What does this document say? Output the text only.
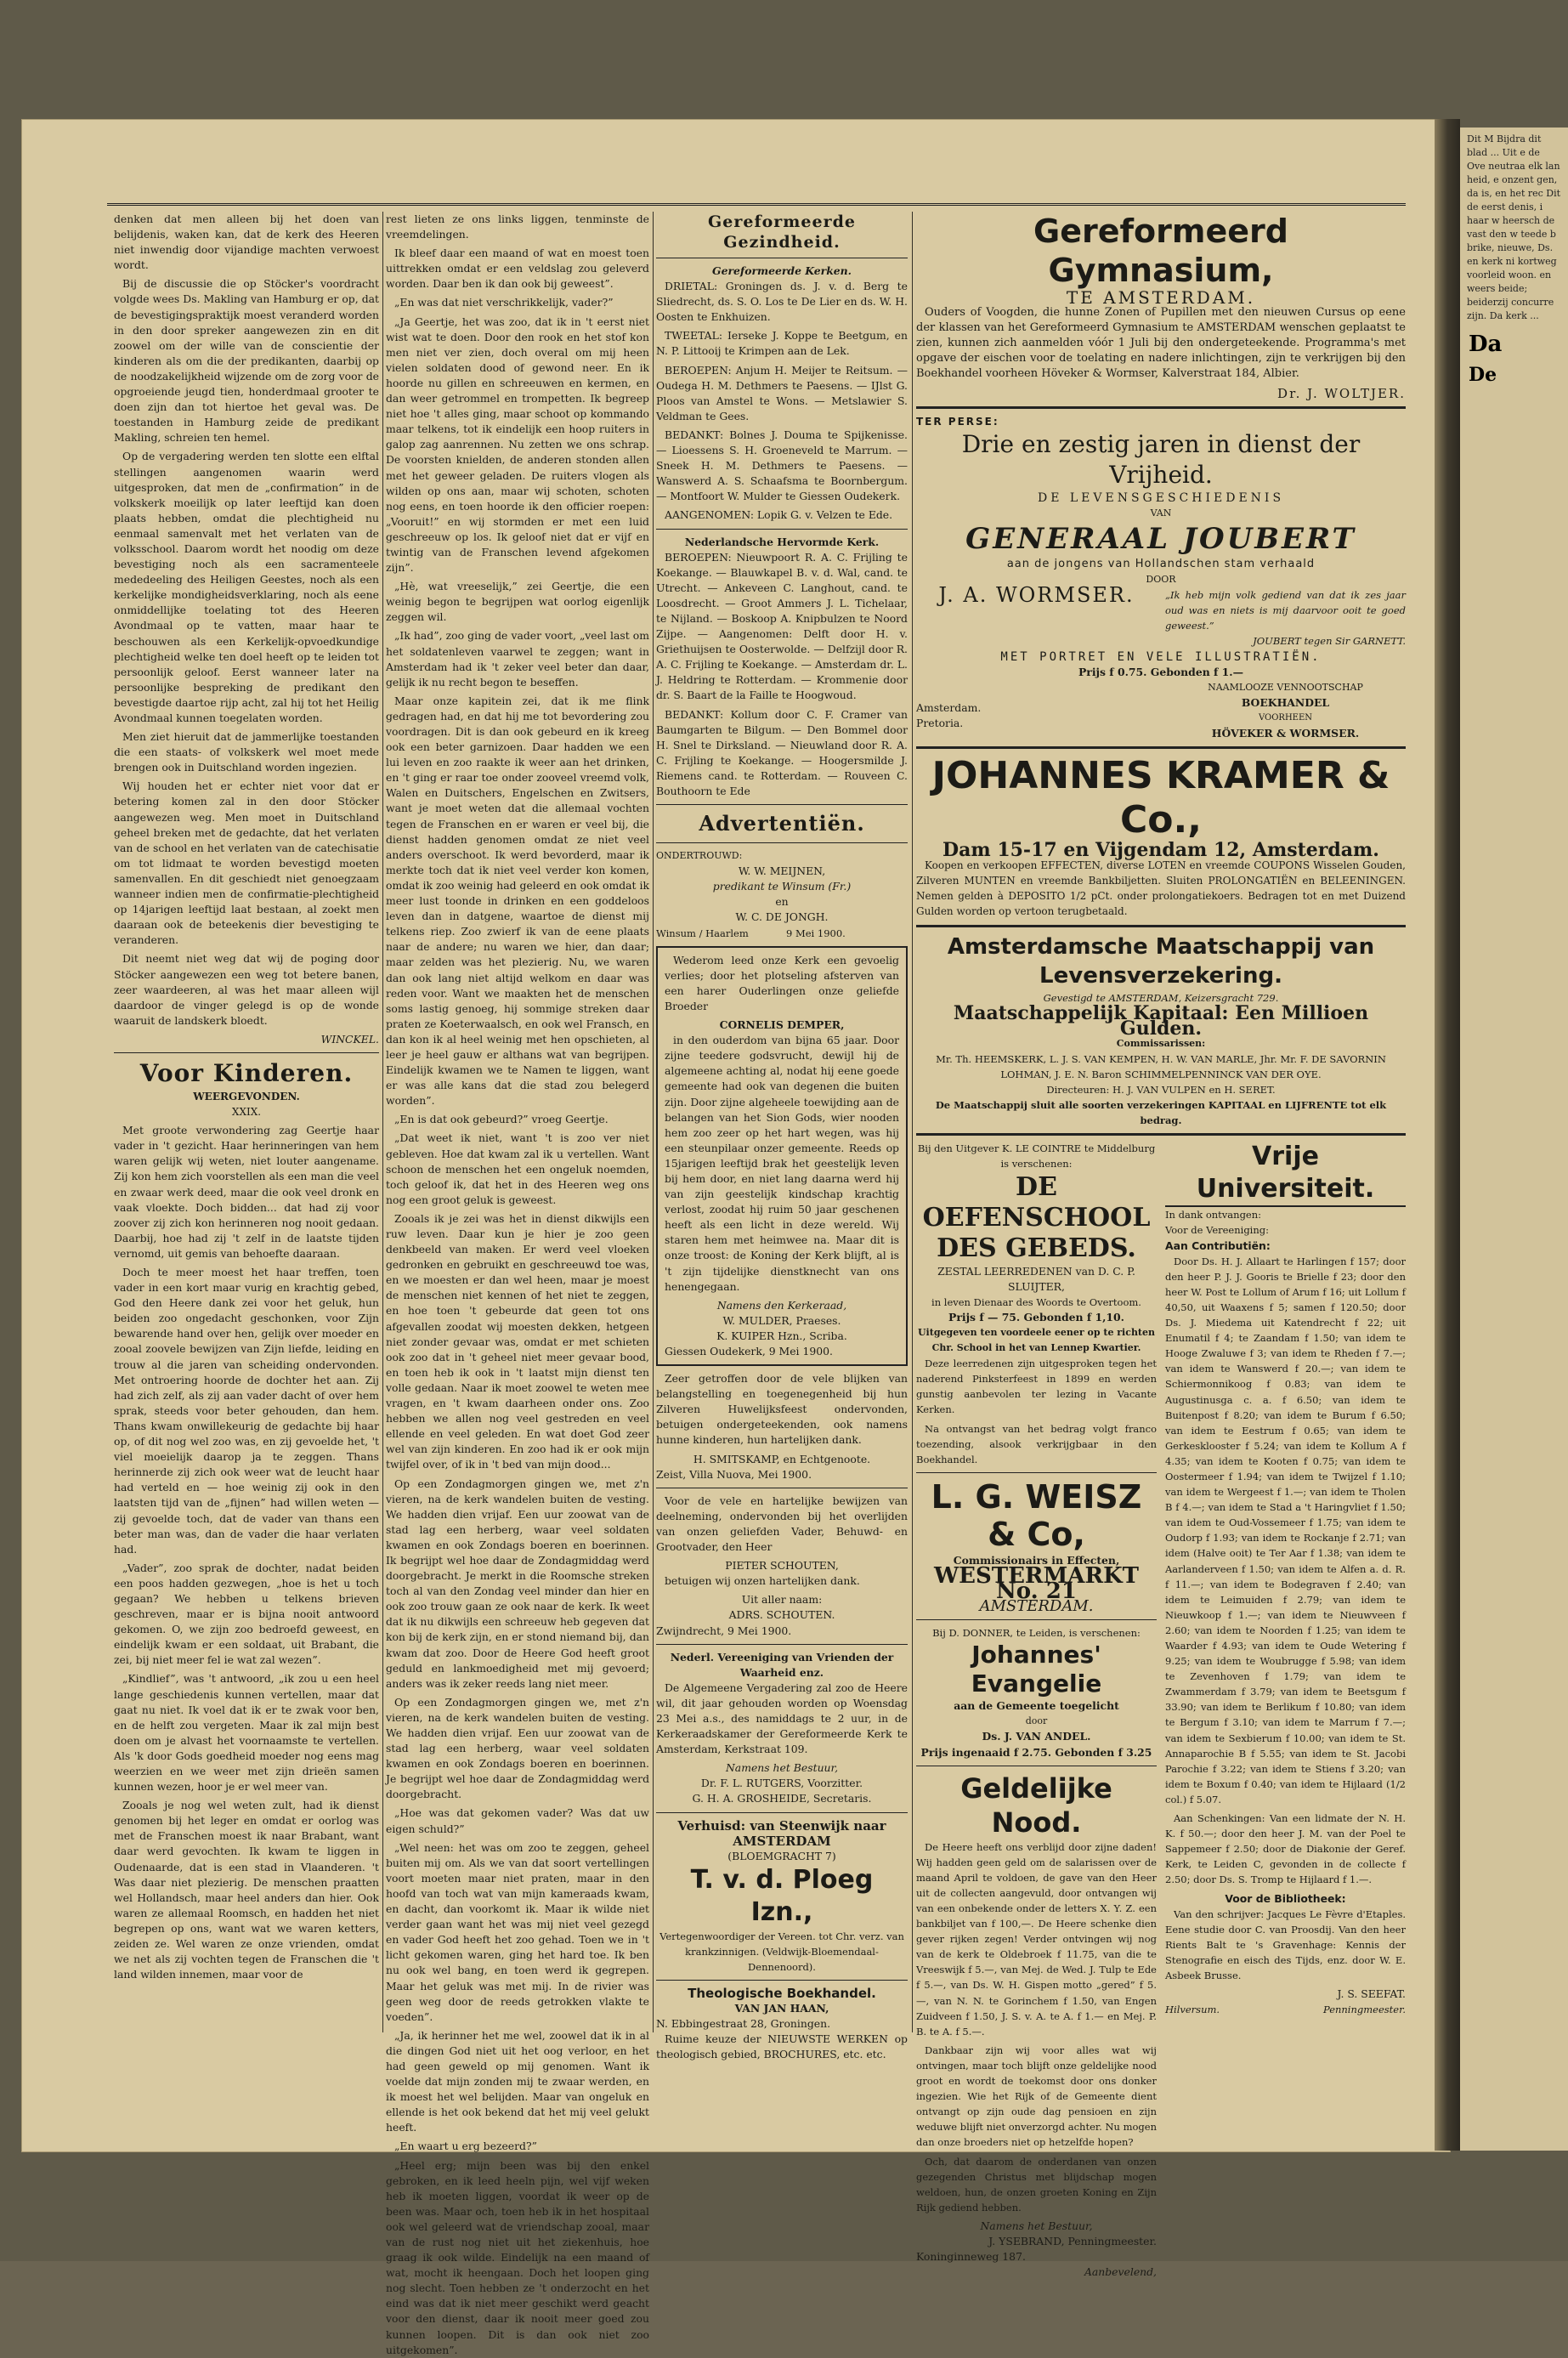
denken dat men alleen bij het doen van belijdenis, waken kan, dat de kerk des Heeren niet inwendig door vijandige machten verwoest wordt.

Bij de discussie die op Stöcker's voordracht volgde wees Ds. Makling van Hamburg er op, dat de bevestigingspraktijk moest veranderd worden in den door spreker aangewezen zin en dit zoowel om der wille van de conscientie der kinderen als om die der predikanten, daarbij op de noodzakelijkheid wijzende om de zorg voor de opgroeiende jeugd tien, honderdmaal grooter te doen zijn dan tot hiertoe het geval was. De toestanden in Hamburg zeide de predikant Makling, schreien ten hemel.

Op de vergadering werden ten slotte een elftal stellingen aangenomen waarin werd uitgesproken, dat men de „confirmation” in de volkskerk moeilijk op later leeftijd kan doen plaats hebben, omdat die plechtigheid nu eenmaal samenvalt met het verlaten van de volksschool. Daarom wordt het noodig om deze bevestiging noch als een sacramenteele mededeeling des Heiligen Geestes, noch als een kerkelijke mondigheidsverklaring, noch als eene onmiddellijke toelating tot des Heeren Avondmaal op te vatten, maar haar te beschouwen als een Kerkelijk-opvoedkundige plechtigheid welke ten doel heeft op te leiden tot persoonlijk geloof. Eerst wanneer later na persoonlijke bespreking de predikant den bevestigde daartoe rijp acht, zal hij tot het Heilig Avondmaal kunnen toegelaten worden.

Men ziet hieruit dat de jammerlijke toestanden die een staats- of volkskerk wel moet mede brengen ook in Duitschland worden ingezien.

Wij houden het er echter niet voor dat er betering komen zal in den door Stöcker aangewezen weg. Men moet in Duitschland geheel breken met de gedachte, dat het verlaten van de school en het verlaten van de catechisatie om tot lidmaat te worden bevestigd moeten samenvallen. En dit geschiedt niet genoegzaam wanneer indien men de confirmatie-plechtigheid op 14jarigen leeftijd laat bestaan, al zoekt men daaraan ook de beteekenis dier bevestiging te veranderen.

Dit neemt niet weg dat wij de poging door Stöcker aangewezen een weg tot betere banen, zeer waardeeren, al was het maar alleen wijl daardoor de vinger gelegd is op de wonde waaruit de landskerk bloedt.

WINCKEL.

Voor Kinderen.
WEERGEVONDEN.
XXIX.

Met groote verwondering zag Geertje haar vader in 't gezicht. Haar herinneringen van hem waren gelijk wij weten, niet louter aangename. Zij kon hem zich voorstellen als een man die veel en zwaar werk deed, maar die ook veel dronk en vaak vloekte. Doch bidden... dat had zij voor zoover zij zich kon herinneren nog nooit gedaan. Daarbij, hoe had zij 't zelf in de laatste tijden vernomd, uit gemis van behoefte daaraan.

Doch te meer moest het haar treffen, toen vader in een kort maar vurig en krachtig gebed, God den Heere dank zei voor het geluk, hun beiden zoo ongedacht geschonken, voor Zijn bewarende hand over hen, gelijk over moeder en zooal zoovele bewijzen van Zijn liefde, leiding en trouw al die jaren van scheiding ondervonden. Met ontroering hoorde de dochter het aan. Zij had zich zelf, als zij aan vader dacht of over hem sprak, steeds voor beter gehouden, dan hem. Thans kwam onwillekeurig de gedachte bij haar op, of dit nog wel zoo was, en zij gevoelde het, 't viel moeielijk daarop ja te zeggen. Thans herinnerde zij zich ook weer wat de leucht haar had verteld en — hoe weinig zij ook in den laatsten tijd van de „fijnen” had willen weten — zij gevoelde toch, dat de vader van thans een beter man was, dan de vader die haar verlaten had.

„Vader”, zoo sprak de dochter, nadat beiden een poos hadden gezwegen, „hoe is het u toch gegaan? We hebben u telkens brieven geschreven, maar er is bijna nooit antwoord gekomen. O, we zijn zoo bedroefd geweest, en eindelijk kwam er een soldaat, uit Brabant, die zei, bij niet meer fel ie wat zal wezen”.

„Kindlief”, was 't antwoord, „ik zou u een heel lange geschiedenis kunnen vertellen, maar dat gaat nu niet. Ik voel dat ik er te zwak voor ben, en de helft zou vergeten. Maar ik zal mijn best doen om je alvast het voornaamste te vertellen. Als 'k door Gods goedheid moeder nog eens mag weerzien en we weer met zijn drieën samen kunnen wezen, hoor je er wel meer van.

Zooals je nog wel weten zult, had ik dienst genomen bij het leger en omdat er oorlog was met de Franschen moest ik naar Brabant, want daar werd gevochten. Ik kwam te liggen in Oudenaarde, dat is een stad in Vlaanderen. 't Was daar niet plezierig. De menschen praatten wel Hollandsch, maar heel anders dan hier. Ook waren ze allemaal Roomsch, en hadden het niet begrepen op ons, want wat we waren ketters, zeiden ze. Wel waren ze onze vrienden, omdat we net als zij vochten tegen de Franschen die 't land wilden innemen, maar voor de

rest lieten ze ons links liggen, tenminste de vreemdelingen.

Ik bleef daar een maand of wat en moest toen uittrekken omdat er een veldslag zou geleverd worden. Daar ben ik dan ook bij geweest”.

„En was dat niet verschrikkelijk, vader?”

„Ja Geertje, het was zoo, dat ik in 't eerst niet wist wat te doen. Door den rook en het stof kon men niet ver zien, doch overal om mij heen vielen soldaten dood of gewond neer. En ik hoorde nu gillen en schreeuwen en kermen, en dan weer getrommel en trompetten. Ik begreep niet hoe 't alles ging, maar schoot op kommando maar telkens, tot ik eindelijk een hoop ruiters in galop zag aanrennen. Nu zetten we ons schrap. De voorsten knielden, de anderen stonden allen met het geweer geladen. De ruiters vlogen als wilden op ons aan, maar wij schoten, schoten nog eens, en toen hoorde ik den officier roepen: „Vooruit!” en wij stormden er met een luid geschreeuw op los. Ik geloof niet dat er vijf en twintig van de Franschen levend afgekomen zijn”.

„Hè, wat vreeselijk,” zei Geertje, die een weinig begon te begrijpen wat oorlog eigenlijk zeggen wil.

„Ik had”, zoo ging de vader voort, „veel last om het soldatenleven vaarwel te zeggen; want in Amsterdam had ik 't zeker veel beter dan daar, gelijk ik nu recht begon te beseffen.

Maar onze kapitein zei, dat ik me flink gedragen had, en dat hij me tot bevordering zou voordragen. Dit is dan ook gebeurd en ik kreeg ook een beter garnizoen. Daar hadden we een lui leven en zoo raakte ik weer aan het drinken, en 't ging er raar toe onder zooveel vreemd volk, Walen en Duitschers, Engelschen en Zwitsers, want je moet weten dat die allemaal vochten tegen de Franschen en er waren er veel bij, die dienst hadden genomen omdat ze niet veel anders overschoot. Ik werd bevorderd, maar ik merkte toch dat ik niet veel verder kon komen, omdat ik zoo weinig had geleerd en ook omdat ik meer lust toonde in drinken en een goddeloos leven dan in datgene, waartoe de dienst mij telkens riep. Zoo zwierf ik van de eene plaats naar de andere; nu waren we hier, dan daar; maar zelden was het plezierig. Nu, we waren dan ook lang niet altijd welkom en daar was reden voor. Want we maakten het de menschen soms lastig genoeg, hij sommige streken daar praten ze Koeterwaalsch, en ook wel Fransch, en dan kon ik al heel weinig met hen opschieten, al leer je heel gauw er althans wat van begrijpen. Eindelijk kwamen we te Namen te liggen, want er was alle kans dat die stad zou belegerd worden”.

„En is dat ook gebeurd?” vroeg Geertje.

„Dat weet ik niet, want 't is zoo ver niet gebleven. Hoe dat kwam zal ik u vertellen. Want schoon de menschen het een ongeluk noemden, toch geloof ik, dat het in des Heeren weg ons nog een groot geluk is geweest.

Zooals ik je zei was het in dienst dikwijls een ruw leven. Daar kun je hier je zoo geen denkbeeld van maken. Er werd veel vloeken gedronken en gebruikt en geschreeuwd toe was, en we moesten er dan wel heen, maar je moest de menschen niet kennen of het niet te zeggen, en hoe toen 't gebeurde dat geen tot ons afgevallen zoodat wij moesten dekken, hetgeen niet zonder gevaar was, omdat er met schieten ook zoo dat in 't geheel niet meer gevaar bood, en toen heb ik ook in 't laatst mijn dienst ten volle gedaan. Naar ik moet zoowel te weten mee vragen, en 't kwam daarheen onder ons. Zoo hebben we allen nog veel gestreden en veel ellende en veel geleden. En wat doet God zeer wel van zijn kinderen. En zoo had ik er ook mijn twijfel over, of ik in 't bed van mijn dood...

Op een Zondagmorgen gingen we, met z'n vieren, na de kerk wandelen buiten de vesting. We hadden dien vrijaf. Een uur zoowat van de stad lag een herberg, waar veel soldaten kwamen en ook Zondags boeren en boerinnen. Ik begrijpt wel hoe daar de Zondagmiddag werd doorgebracht. Je merkt in die Roomsche streken toch al van den Zondag veel minder dan hier en ook zoo trouw gaan ze ook naar de kerk. Ik weet dat ik nu dikwijls een schreeuw heb gegeven dat kon bij de kerk zijn, en er stond niemand bij, dan kwam dat zoo. Door de Heere God heeft groot geduld en lankmoedigheid met mij gevoerd; anders was ik zeker reeds lang niet meer.

Op een Zondagmorgen gingen we, met z'n vieren, na de kerk wandelen buiten de vesting. We hadden dien vrijaf. Een uur zoowat van de stad lag een herberg, waar veel soldaten kwamen en ook Zondags boeren en boerinnen. Je begrijpt wel hoe daar de Zondagmiddag werd doorgebracht.

„Hoe was dat gekomen vader? Was dat uw eigen schuld?”

„Wel neen: het was om zoo te zeggen, geheel buiten mij om. Als we van dat soort vertellingen voort moeten maar niet praten, maar in den hoofd van toch wat van mijn kameraads kwam, en dacht, dan voorkomt ik. Maar ik wilde niet verder gaan want het was mij niet veel gezegd en vader God heeft het zoo gehad. Toen we in 't licht gekomen waren, ging het hard toe. Ik ben nu ook wel bang, en toen werd ik gegrepen. Maar het geluk was met mij. In de rivier was geen weg door de reeds getrokken vlakte te voeden”.

„Ja, ik herinner het me wel, zoowel dat ik in al die dingen God niet uit het oog verloor, en het had geen geweld op mij genomen. Want ik voelde dat mijn zonden mij te zwaar werden, en ik moest het wel belijden. Maar van ongeluk en ellende is het ook bekend dat het mij veel gelukt heeft.

„En waart u erg bezeerd?”

„Heel erg; mijn been was bij den enkel gebroken, en ik leed heeln pijn, wel vijf weken heb ik moeten liggen, voordat ik weer op de been was. Maar och, toen heb ik in het hospitaal ook wel geleerd wat de vriendschap zooal, maar van de rust nog niet uit het ziekenhuis, hoe graag ik ook wilde. Eindelijk na een maand of wat, mocht ik heengaan. Doch het loopen ging nog slecht. Toen hebben ze 't onderzocht en het eind was dat ik niet meer geschikt werd geacht voor den dienst, daar ik nooit meer goed zou kunnen loopen. Dit is dan ook niet zoo uitgekomen”.

Gereformeerde Gezindheid.
Gereformeerde Kerken.

DRIETAL: Groningen ds. J. v. d. Berg te Sliedrecht, ds. S. O. Los te De Lier en ds. W. H. Oosten te Enkhuizen.

TWEETAL: Ierseke J. Koppe te Beetgum, en N. P. Littooij te Krimpen aan de Lek.

BEROEPEN: Anjum H. Meijer te Reitsum. — Oudega H. M. Dethmers te Paesens. — IJlst G. Ploos van Amstel te Wons. — Metslawier S. Veldman te Gees.

BEDANKT: Bolnes J. Douma te Spijkenisse. — Lioessens S. H. Groeneveld te Marrum. — Sneek H. M. Dethmers te Paesens. — Wanswerd A. S. Schaafsma te Boornbergum. — Montfoort W. Mulder te Giessen Oudekerk.

AANGENOMEN: Lopik G. v. Velzen te Ede.

Nederlandsche Hervormde Kerk.

BEROEPEN: Nieuwpoort R. A. C. Frijling te Koekange. — Blauwkapel B. v. d. Wal, cand. te Utrecht. — Ankeveen C. Langhout, cand. te Loosdrecht. — Groot Ammers J. L. Tichelaar, te Nijland. — Boskoop A. Knipbulzen te Noord Zijpe. — Aangenomen: Delft door H. v. Griethuijsen te Oosterwolde. — Delfzijl door R. A. C. Frijling te Koekange. — Amsterdam dr. L. J. Heldring te Rotterdam. — Krommenie door dr. S. Baart de la Faille te Hoogwoud.

BEDANKT: Kollum door C. F. Cramer van Baumgarten te Bilgum. — Den Bommel door H. Snel te Dirksland. — Nieuwland door R. A. C. Frijling te Koekange. — Hoogersmilde J. Riemens cand. te Rotterdam. — Rouveen C. Bouthoorn te Ede

Advertentiën.
ONDERTROUWD:
W. W. MEIJNEN,
predikant te Winsum (Fr.)
en
W. C. DE JONGH.
Winsum / Haarlem	9 Mei 1900.

Wederom leed onze Kerk een gevoelig verlies; door het plotseling afsterven van een harer Ouderlingen onze geliefde Broeder

CORNELIS DEMPER,

in den ouderdom van bijna 65 jaar. Door zijne teedere godsvrucht, dewijl hij de algemeene achting al, nodat hij eene goede gemeente had ook van degenen die buiten zijn. Door zijne algeheele toewijding aan de belangen van het Sion Gods, wier nooden hem zoo zeer op het hart wegen, was hij een steunpilaar onzer gemeente. Reeds op 15jarigen leeftijd brak het geestelijk leven bij hem door, en niet lang daarna werd hij van zijn geestelijk kindschap krachtig verlost, zoodat hij ruim 50 jaar geschenen heeft als een licht in deze wereld. Wij staren hem met heimwee na. Maar dit is onze troost: de Koning der Kerk blijft, al is 't zijn tijdelijke dienstknecht van ons henengegaan.

Namens den Kerkeraad,
W. MULDER, Praeses.
K. KUIPER Hzn., Scriba.
Giessen Oudekerk, 9 Mei 1900.

Zeer getroffen door de vele blijken van belangstelling en toegenegenheid bij hun Zilveren Huwelijksfeest ondervonden, betuigen ondergeteekenden, ook namens hunne kinderen, hun hartelijken dank.

H. SMITSKAMP, en Echtgenoote.
Zeist, Villa Nuova, Mei 1900.

Voor de vele en hartelijke bewijzen van deelneming, ondervonden bij het overlijden van onzen geliefden Vader, Behuwd- en Grootvader, den Heer

PIETER SCHOUTEN,

betuigen wij onzen hartelijken dank.

Uit aller naam:
ADRS. SCHOUTEN.
Zwijndrecht, 9 Mei 1900.
Nederl. Vereeniging van Vrienden der Waarheid enz.

De Algemeene Vergadering zal zoo de Heere wil, dit jaar gehouden worden op Woensdag 23 Mei a.s., des namiddags te 2 uur, in de Kerkeraadskamer der Gereformeerde Kerk te Amsterdam, Kerkstraat 109.

Namens het Bestuur,
Dr. F. L. RUTGERS, Voorzitter.
G. H. A. GROSHEIDE, Secretaris.
Verhuisd: van Steenwijk naar AMSTERDAM
(BLOEMGRACHT 7)
T. v. d. Ploeg Izn.,

Vertegenwoordiger der Vereen. tot Chr. verz. van krankzinnigen. (Veldwijk-Bloemendaal-Dennenoord).

Theologische Boekhandel.
VAN JAN HAAN,
N. Ebbingestraat 28, Groningen.

Ruime keuze der NIEUWSTE WERKEN op theologisch gebied, BROCHURES, etc. etc.

Gereformeerd Gymnasium,
TE AMSTERDAM.

Ouders of Voogden, die hunne Zonen of Pupillen met den nieuwen Cursus op eene der klassen van het Gereformeerd Gymnasium te AMSTERDAM wenschen geplaatst te zien, kunnen zich aanmelden vóór 1 Juli bij den ondergeteekende. Programma's met opgave der eischen voor de toelating en nadere inlichtingen, zijn te verkrijgen bij den Boekhandel voorheen Höveker & Wormser, Kalverstraat 184, Albier.

Dr. J. WOLTJER.
TER PERSE:
Drie en zestig jaren in dienst der Vrijheid.
DE LEVENSGESCHIEDENIS
VAN
GENERAAL JOUBERT
aan de jongens van Hollandschen stam verhaald
DOOR
J. A. WORMSER.	„Ik heb mijn volk gediend van dat ik zes jaar oud was en niets is mij daarvoor ooit te goed geweest.”
JOUBERT tegen Sir GARNETT.
MET PORTRET EN VELE ILLUSTRATIËN.
Prijs f 0.75. Gebonden f 1.—
Amsterdam.
Pretoria.
NAAMLOOZE VENNOOTSCHAP
BOEKHANDEL
VOORHEEN
HÖVEKER & WORMSER.
JOHANNES KRAMER & Co.,
Dam 15-17 en Vijgendam 12, Amsterdam.

Koopen en verkoopen EFFECTEN, diverse LOTEN en vreemde COUPONS Wisselen Gouden, Zilveren MUNTEN en vreemde Bankbiljetten. Sluiten PROLONGATIËN en BELEENINGEN. Nemen gelden à DEPOSITO 1/2 pCt. onder prolongatiekoers. Bedragen tot en met Duizend Gulden worden op vertoon terugbetaald.

Amsterdamsche Maatschappij van Levensverzekering.
Gevestigd te AMSTERDAM, Keizersgracht 729.
Maatschappelijk Kapitaal: Een Millioen Gulden.
Commissarissen:
Mr. Th. HEEMSKERK, L. J. S. VAN KEMPEN, H. W. VAN MARLE, Jhr. Mr. F. DE SAVORNIN LOHMAN, J. E. N. Baron SCHIMMELPENNINCK VAN DER OYE.
Directeuren: H. J. VAN VULPEN en H. SERET.
De Maatschappij sluit alle soorten verzekeringen KAPITAAL en LIJFRENTE tot elk bedrag.
Bij den Uitgever K. LE COINTRE te Middelburg is verschenen:
DE OEFENSCHOOL DES GEBEDS.
ZESTAL LEERREDENEN van D. C. P. SLUIJTER,
in leven Dienaar des Woords te Overtoom.
Prijs f — 75. Gebonden f 1,10.
Uitgegeven ten voordeele eener op te richten Chr. School in het van Lennep Kwartier.

Deze leerredenen zijn uitgesproken tegen het naderend Pinksterfeest in 1899 en werden gunstig aanbevolen ter lezing in Vacante Kerken.

Na ontvangst van het bedrag volgt franco toezending, alsook verkrijgbaar in den Boekhandel.

L. G. WEISZ & Co,
Commissionairs in Effecten,
WESTERMARKT No. 21
AMSTERDAM.
Bij D. DONNER, te Leiden, is verschenen:
Johannes' Evangelie
aan de Gemeente toegelicht
door
Ds. J. VAN ANDEL.
Prijs ingenaaid f 2.75. Gebonden f 3.25
Geldelijke Nood.

De Heere heeft ons verblijd door zijne daden! Wij hadden geen geld om de salarissen over de maand April te voldoen, de gave van den Heer uit de collecten aangevuld, door ontvangen wij van een onbekende onder de letters X. Y. Z. een bankbiljet van f 100,—. De Heere schenke dien gever rijken zegen! Verder ontvingen wij nog van de kerk te Oldebroek f 11.75, van die te Vreeswijk f 5.—, van Mej. de Wed. J. Tulp te Ede f 5.—, van Ds. W. H. Gispen motto „gered” f 5.—, van N. N. te Gorinchem f 1.50, van Engen Zuidveen f 1.50, J. S. v. A. te A. f 1.— en Mej. P. B. te A. f 5.—.

Dankbaar zijn wij voor alles wat wij ontvingen, maar toch blijft onze geldelijke nood groot en wordt de toekomst door ons donker ingezien. Wie het Rijk of de Gemeente dient ontvangt op zijn oude dag pensioen en zijn weduwe blijft niet onverzorgd achter. Nu mogen dan onze broeders niet op hetzelfde hopen?

Och, dat daarom de onderdanen van onzen gezegenden Christus met blijdschap mogen weldoen, hun, de onzen groeten Koning en Zijn Rijk gediend hebben.

Namens het Bestuur,
J. YSEBRAND, Penningmeester.
Koninginneweg 187.
Aanbevelend,
Vrije Universiteit.
In dank ontvangen:
Voor de Vereeniging:
Aan Contributiën:

Door Ds. H. J. Allaart te Harlingen f 157; door den heer P. J. J. Gooris te Brielle f 23; door den heer W. Post te Lollum of Arum f 16; uit Lollum f 40,50, uit Waaxens f 5; samen f 120.50; door Ds. J. Miedema uit Katendrecht f 22; uit Enumatil f 4; te Zaandam f 1.50; van idem te Hooge Zwaluwe f 3; van idem te Rheden f 7.—; van idem te Wanswerd f 20.—; van idem te Schiermonnikoog f 0.83; van idem te Augustinusga c. a. f 6.50; van idem te Buitenpost f 8.20; van idem te Burum f 6.50; van idem te Eestrum f 0.65; van idem te Gerkesklooster f 5.24; van idem te Kollum A f 4.35; van idem te Kooten f 0.75; van idem te Oostermeer f 1.94; van idem te Twijzel f 1.10; van idem te Wergeest f 1.—; van idem te Tholen B f 4.—; van idem te Stad a 't Haringvliet f 1.50; van idem te Oud-Vossemeer f 1.75; van idem te Oudorp f 1.93; van idem te Rockanje f 2.71; van idem (Halve ooit) te Ter Aar f 1.38; van idem te Aarlanderveen f 1.50; van idem te Alfen a. d. R. f 11.—; van idem te Bodegraven f 2.40; van idem te Leimuiden f 2.79; van idem te Nieuwkoop f 1.—; van idem te Nieuwveen f 2.60; van idem te Noorden f 1.25; van idem te Waarder f 4.93; van idem te Oude Wetering f 9.25; van idem te Woubrugge f 5.98; van idem te Zevenhoven f 1.79; van idem te Zwammerdam f 3.79; van idem te Beetsgum f 33.90; van idem te Berlikum f 10.80; van idem te Bergum f 3.10; van idem te Marrum f 7.—; van idem te Sexbierum f 10.00; van idem te St. Annaparochie B f 5.55; van idem te St. Jacobi Parochie f 3.22; van idem te Stiens f 3.20; van idem te Boxum f 0.40; van idem te Hijlaard (1/2 col.) f 5.07.

Aan Schenkingen: Van een lidmate der N. H. K. f 50.—; door den heer J. M. van der Poel te Sappemeer f 2.50; door de Diakonie der Geref. Kerk, te Leiden C, gevonden in de collecte f 2.50; door Ds. S. Tromp te Hijlaard f 1.—.

Voor de Bibliotheek:

Van den schrijver: Jacques Le Fèvre d'Etaples. Eene studie door C. van Proosdij. Van den heer Rients Balt te 's Gravenhage: Kennis der Stenografie en eisch des Tijds, enz. door W. E. Asbeek Brusse.

J. S. SEEFAT.
Hilversum.	Penningmeester.
Dit M Bijdra dit blad ... Uit e de Ove neutraa elk lan heid, e onzent gen, da is, en het rec Dit de eerst denis, i haar w heersch de vast den w teede b brike, nieuwe, Ds. en kerk ni kortweg voorleid woon. en weers beide; beiderzij concurre zijn. Da kerk ...
Da
De
